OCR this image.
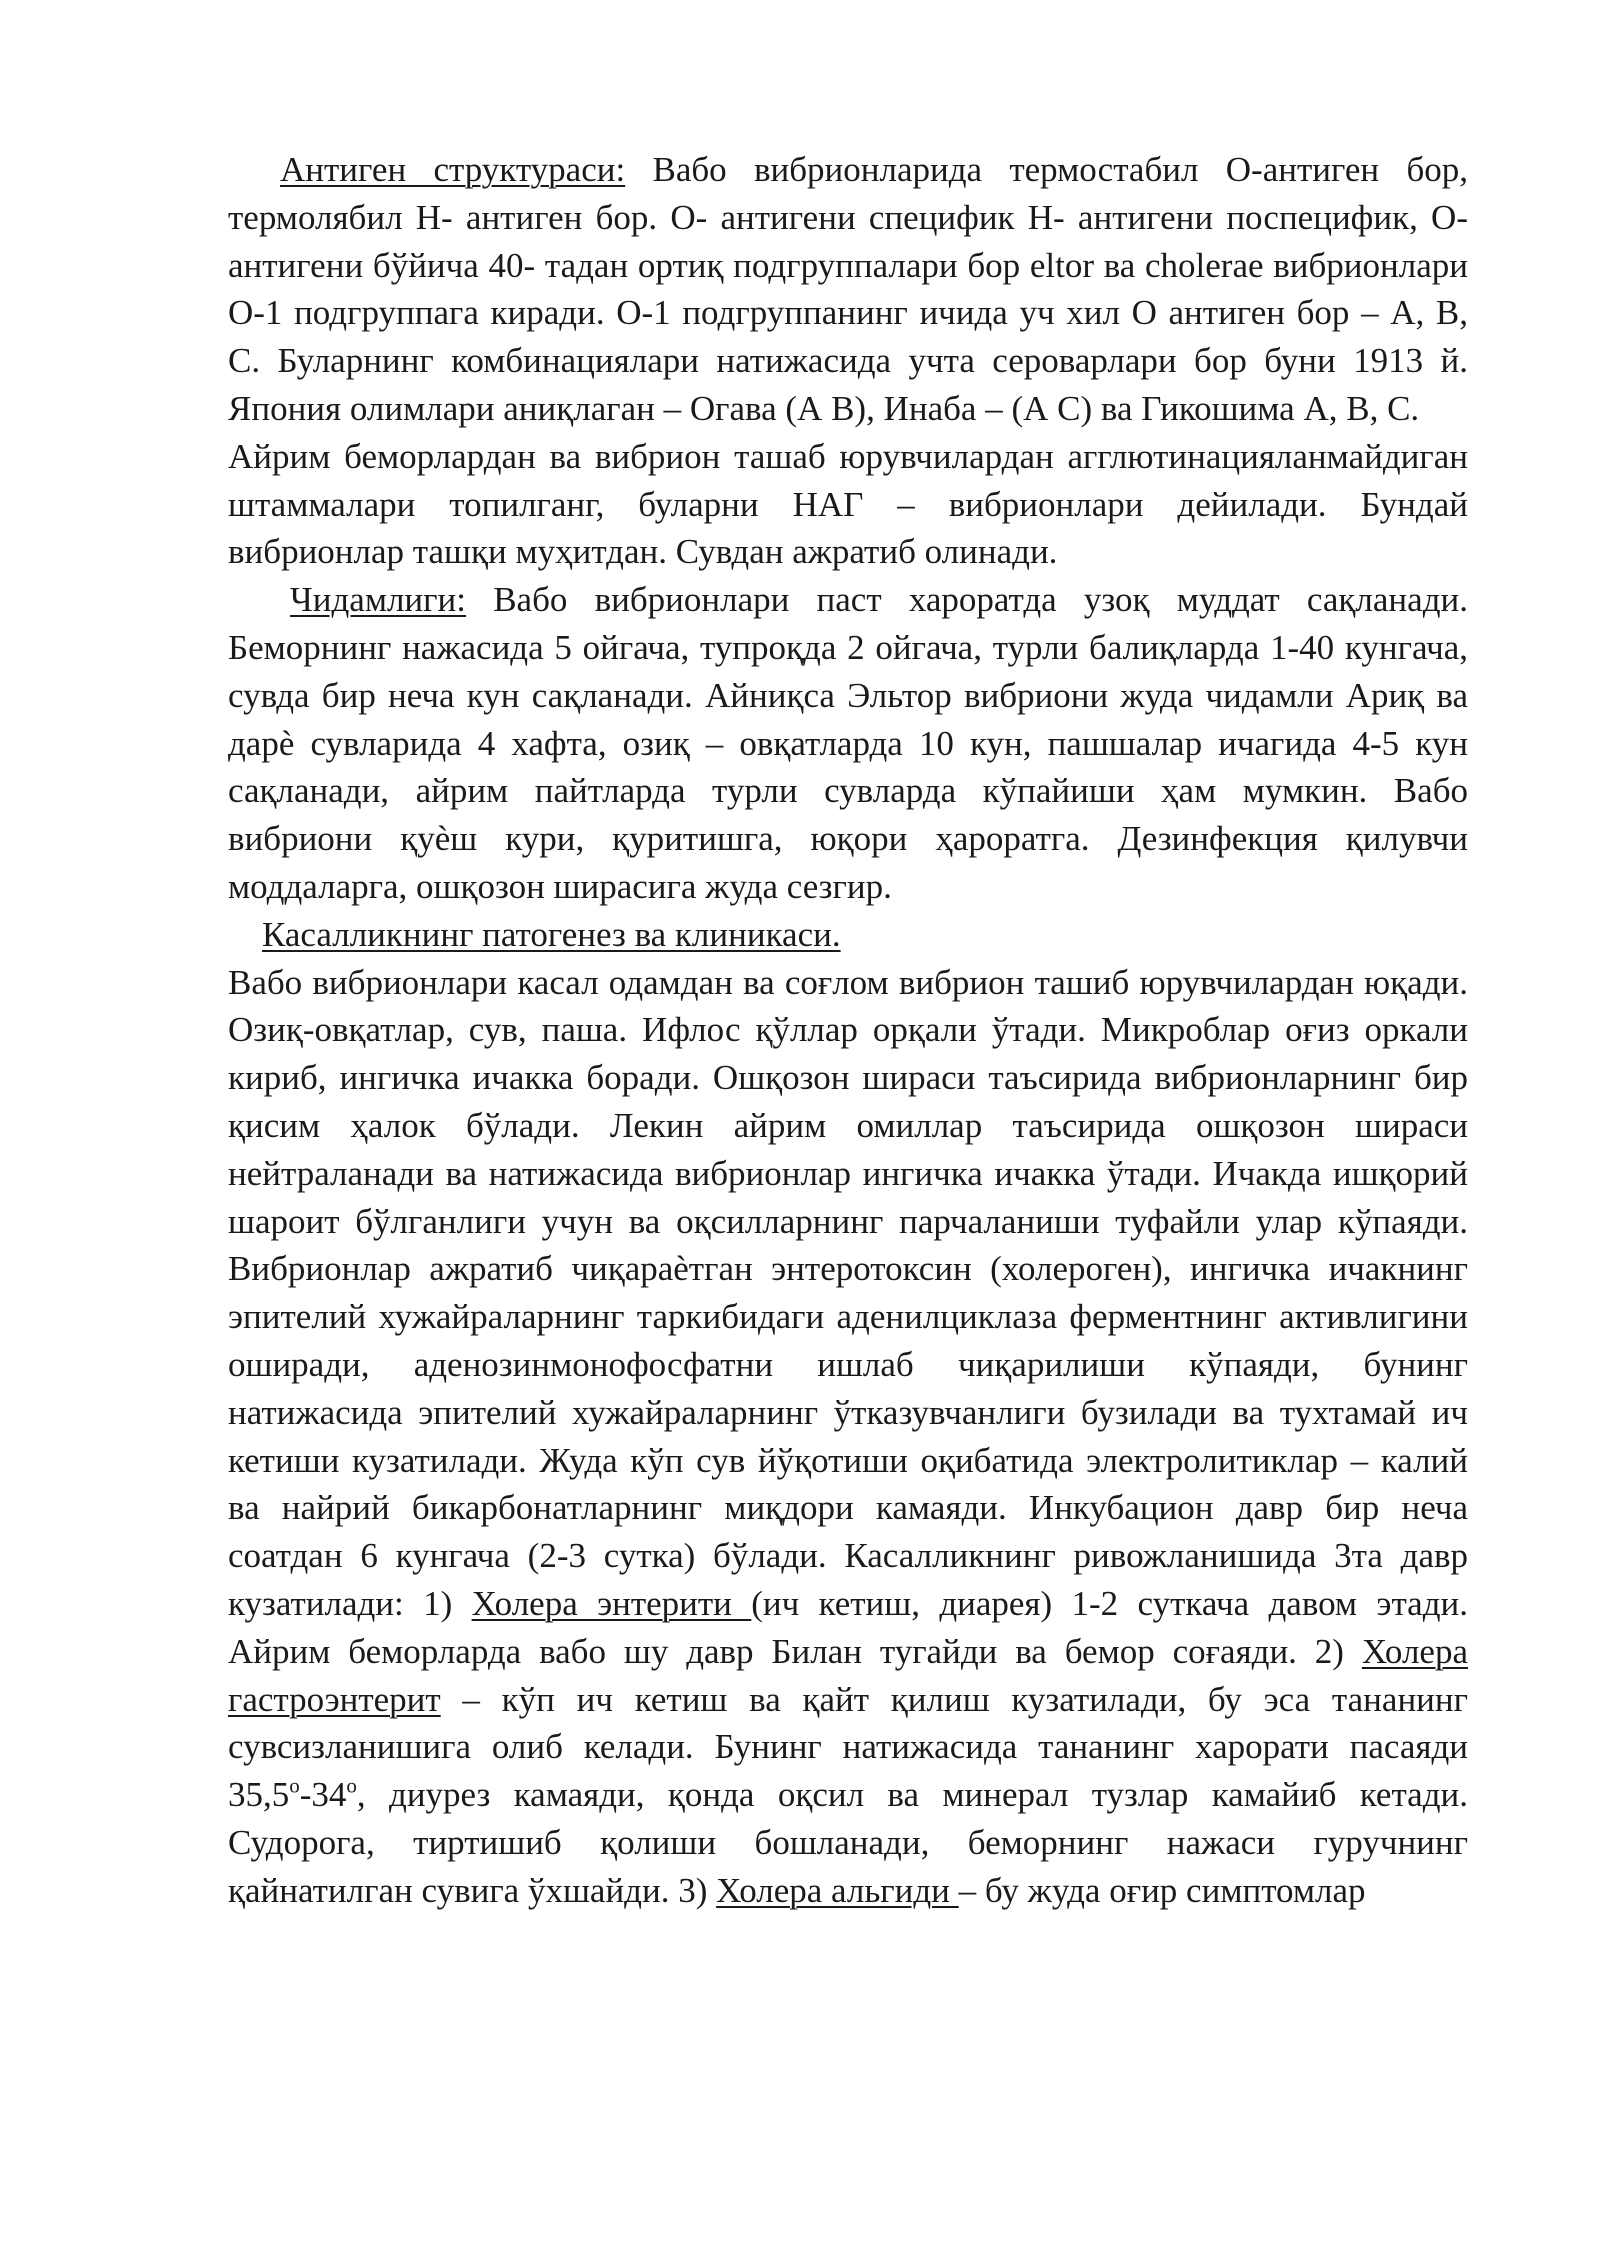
Антиген структураси: Вабо вибрионларида термостабил О-антиген бор, термолябил Н- антиген бор. О- антигени специфик Н- антигени поспецифик, О- антигени бўйича 40- тадан ортиқ подгруппалари бор eltor ва cholerae вибрионлари О-1 подгруппага киради. О-1 подгруппанинг ичида уч хил О антиген бор – А, В, С. Буларнинг комбинациялари натижасида учта сероварлари бор буни 1913 й. Япония олимлари аниқлаган – Огава (А В), Инаба – (А С) ва Гикошима А, В, С.

Айрим беморлардан ва вибрион ташаб юрувчилардан агглютинацияланмайдиган штаммалари топилганг, буларни НАГ – вибрионлари дейилади. Бундай вибрионлар ташқи муҳитдан. Сувдан ажратиб олинади.

Чидамлиги: Вабо вибрионлари паст хароратда узоқ муддат сақланади. Беморнинг нажасида 5 ойгача, тупроқда 2 ойгача, турли балиқларда 1-40 кунгача, сувда бир неча кун сақланади. Айниқса Эльтор вибриони жуда чидамли Ариқ ва дарѐ сувларида 4 хафта, озиқ – овқатларда 10 кун, пашшалар ичагида 4-5 кун сақланади, айрим пайтларда турли сувларда кўпайиши ҳам мумкин. Вабо вибриони қуѐш кури, қуритишга, юқори ҳароратга. Дезинфекция қилувчи моддаларга, ошқозон ширасига жуда сезгир.

Касалликнинг патогенез ва клиникаси.

Вабо вибрионлари касал одамдан ва соғлом вибрион ташиб юрувчилардан юқади. Озиқ-овқатлар, сув, паша. Ифлос қўллар орқали ўтади. Микроблар оғиз оркали кириб, ингичка ичакка боради. Ошқозон шираси таъсирида вибрионларнинг бир қисим ҳалок бўлади. Лекин айрим омиллар таъсирида ошқозон шираси нейтраланади ва натижасида вибрионлар ингичка ичакка ўтади. Ичакда ишқорий шароит бўлганлиги учун ва оқсилларнинг парчаланиши туфайли улар кўпаяди. Вибрионлар ажратиб чиқараѐтган энтеротоксин (холероген), ингичка ичакнинг эпителий хужайраларнинг таркибидаги аденилциклаза ферментнинг активлигини оширади, аденозинмонофосфатни ишлаб чиқарилиши кўпаяди, бунинг натижасида эпителий хужайраларнинг ўтказувчанлиги бузилади ва тухтамай ич кетиши кузатилади. Жуда кўп сув йўқотиши оқибатида электролитиклар – калий ва найрий бикарбонатларнинг миқдори камаяди. Инкубацион давр бир неча соатдан 6 кунгача (2-3 сутка) бўлади. Касалликнинг ривожланишида 3та давр кузатилади: 1) Холера энтерити (ич кетиш, диарея) 1-2 суткача давом этади. Айрим беморларда вабо шу давр Билан тугайди ва бемор соғаяди. 2) Холера гастроэнтерит – кўп ич кетиш ва қайт қилиш кузатилади, бу эса тананинг сувсизланишига олиб келади. Бунинг натижасида тананинг харорати пасаяди $35,5^о-34^о$, диурез камаяди, қонда оқсил ва минерал тузлар камайиб кетади. Судорога, тиртишиб қолиши бошланади, беморнинг нажаси гуручнинг қайнатилган сувига ўхшайди. 3) Холера альгиди – бу жуда оғир симптомлар
